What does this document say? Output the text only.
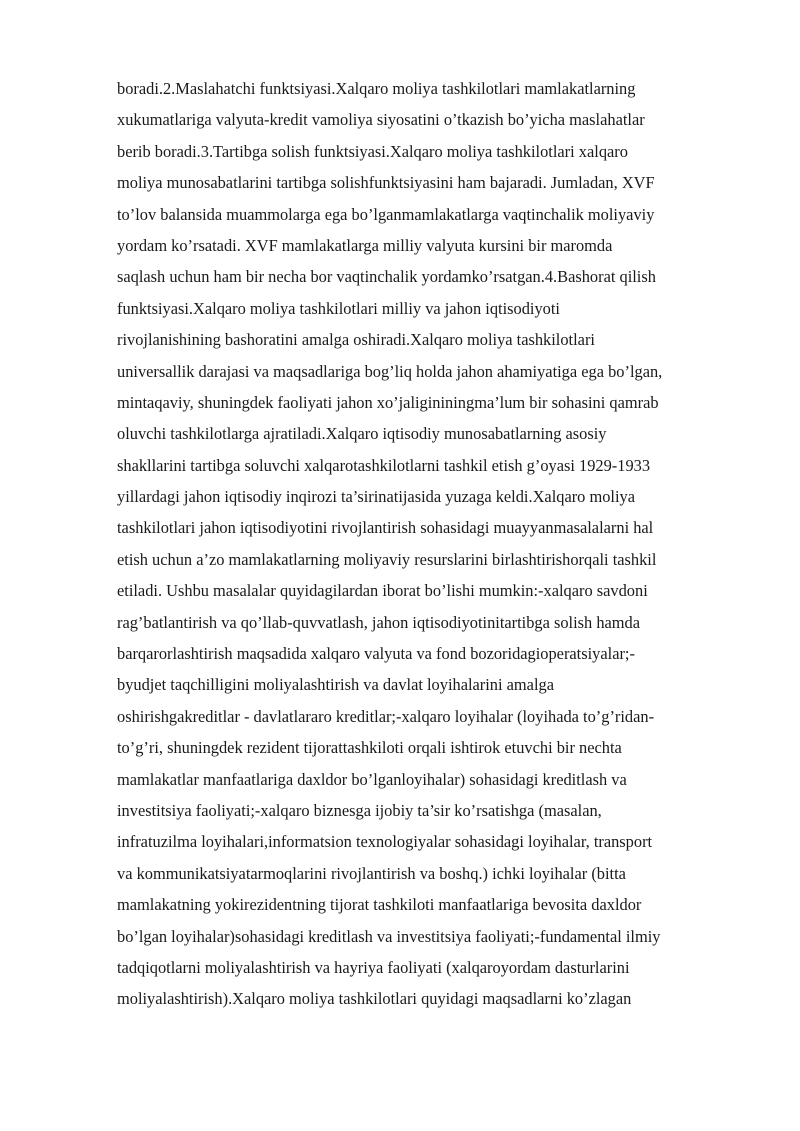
boradi.2.Maslahatchi funktsiyasi.Xalqaro moliya tashkilotlari mamlakatlarning
xukumatlariga valyuta-kredit vamoliya siyosatini o’tkazish bo’yicha maslahatlar
berib boradi.3.Tartibga solish funktsiyasi.Xalqaro moliya tashkilotlari xalqaro
moliya munosabatlarini tartibga solishfunktsiyasini ham bajaradi. Jumladan, XVF
to’lov balansida muammolarga ega bo’lganmamlakatlarga vaqtinchalik moliyaviy
yordam ko’rsatadi. XVF mamlakatlarga milliy valyuta kursini bir maromda
saqlash uchun ham bir necha bor vaqtinchalik yordamko’rsatgan.4.Bashorat qilish
funktsiyasi.Xalqaro moliya tashkilotlari milliy va jahon iqtisodiyoti
rivojlanishining bashoratini amalga oshiradi.Xalqaro moliya tashkilotlari
universallik darajasi va maqsadlariga bog’liq holda jahon ahamiyatiga ega bo’lgan,
mintaqaviy, shuningdek faoliyati jahon xo’jaligininingma’lum bir sohasini qamrab
oluvchi tashkilotlarga ajratiladi.Xalqaro iqtisodiy munosabatlarning asosiy
shakllarini tartibga soluvchi xalqarotashkilotlarni tashkil etish g’oyasi 1929-1933
yillardagi jahon iqtisodiy inqirozi ta’sirinatijasida yuzaga keldi.Xalqaro moliya
tashkilotlari jahon iqtisodiyotini rivojlantirish sohasidagi muayyanmasalalarni hal
etish uchun a’zo mamlakatlarning moliyaviy resurslarini birlashtirishorqali tashkil
etiladi. Ushbu masalalar quyidagilardan iborat bo’lishi mumkin:-xalqaro savdoni
rag’batlantirish va qo’llab-quvvatlash, jahon iqtisodiyotinitartibga solish hamda
barqarorlashtirish maqsadida xalqaro valyuta va fond bozoridagioperatsiyalar;-
byudjet taqchilligini moliyalashtirish va davlat loyihalarini amalga
oshirishgakreditlar - davlatlararo kreditlar;-xalqaro loyihalar (loyihada to’g’ridan-
to’g’ri, shuningdek rezident tijorattashkiloti orqali ishtirok etuvchi bir nechta
mamlakatlar manfaatlariga daxldor bo’lganloyihalar) sohasidagi kreditlash va
investitsiya faoliyati;-xalqaro biznesga ijobiy ta’sir ko’rsatishga (masalan,
infratuzilma loyihalari,informatsion texnologiyalar sohasidagi loyihalar, transport
va kommunikatsiyatarmoqlarini rivojlantirish va boshq.) ichki loyihalar (bitta
mamlakatning yokirezidentning tijorat tashkiloti manfaatlariga bevosita daxldor
bo’lgan loyihalar)sohasidagi kreditlash va investitsiya faoliyati;-fundamental ilmiy
tadqiqotlarni moliyalashtirish va hayriya faoliyati (xalqaroyordam dasturlarini
moliyalashtirish).Xalqaro moliya tashkilotlari quyidagi maqsadlarni ko’zlagan
